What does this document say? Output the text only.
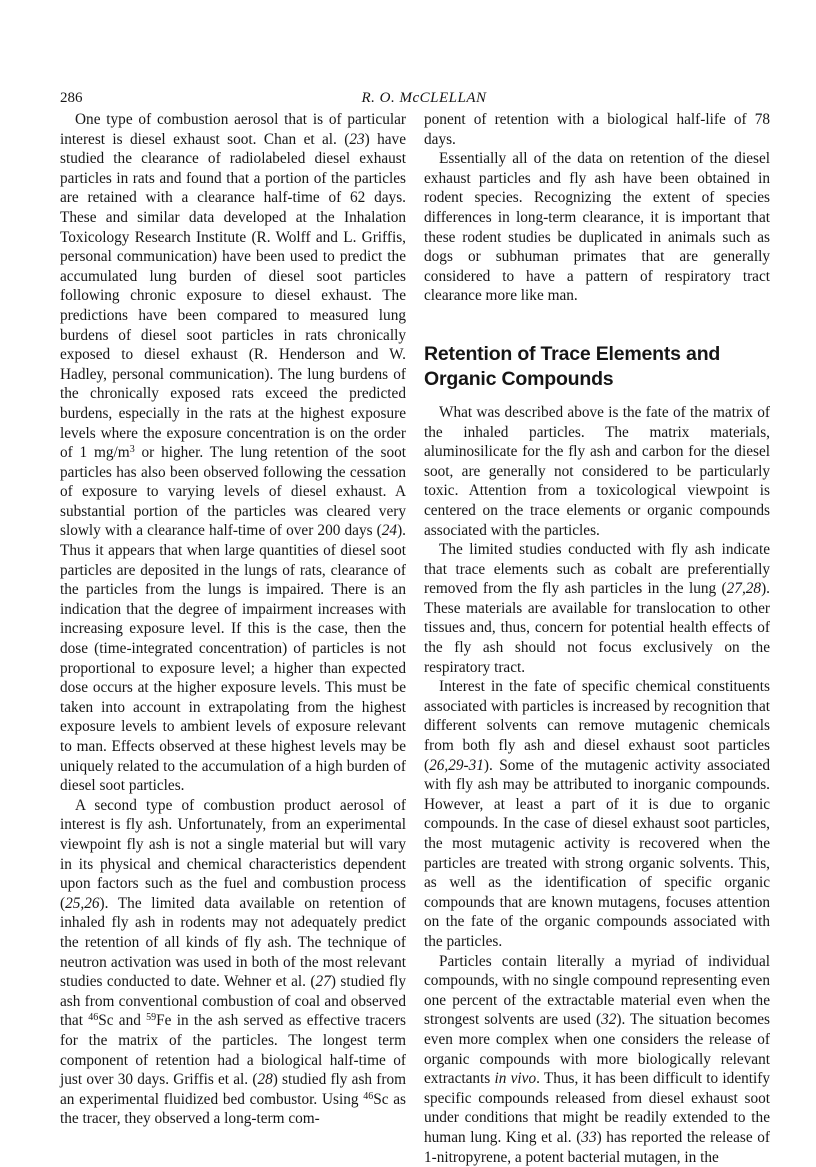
286	R. O. McCLELLAN

One type of combustion aerosol that is of particular interest is diesel exhaust soot. Chan et al. (23) have studied the clearance of radiolabeled diesel exhaust particles in rats and found that a portion of the particles are retained with a clearance half-time of 62 days. These and similar data developed at the Inhalation Toxicology Research Institute (R. Wolff and L. Griffis, personal communication) have been used to predict the accumulated lung burden of diesel soot particles following chronic exposure to diesel exhaust. The predictions have been compared to measured lung burdens of diesel soot particles in rats chronically exposed to diesel exhaust (R. Henderson and W. Hadley, personal communication). The lung burdens of the chronically exposed rats exceed the predicted burdens, especially in the rats at the highest exposure levels where the exposure concentration is on the order of 1 $mg/m^3$ or higher. The lung retention of the soot particles has also been observed following the cessation of exposure to varying levels of diesel exhaust. A substantial portion of the particles was cleared very slowly with a clearance half-time of over 200 days (24). Thus it appears that when large quantities of diesel soot particles are deposited in the lungs of rats, clearance of the particles from the lungs is impaired. There is an indication that the degree of impairment increases with increasing exposure level. If this is the case, then the dose (time-integrated concentration) of particles is not proportional to exposure level; a higher than expected dose occurs at the higher exposure levels. This must be taken into account in extrapolating from the highest exposure levels to ambient levels of exposure relevant to man. Effects observed at these highest levels may be uniquely related to the accumulation of a high burden of diesel soot particles.

A second type of combustion product aerosol of interest is fly ash. Unfortunately, from an experimental viewpoint fly ash is not a single material but will vary in its physical and chemical characteristics dependent upon factors such as the fuel and combustion process (25,26). The limited data available on retention of inhaled fly ash in rodents may not adequately predict the retention of all kinds of fly ash. The technique of neutron activation was used in both of the most relevant studies conducted to date. Wehner et al. (27) studied fly ash from conventional combustion of coal and observed that $^{46}$Sc and $^{59}$Fe in the ash served as effective tracers for the matrix of the particles. The longest term component of retention had a biological half-time of just over 30 days. Griffis et al. (28) studied fly ash from an experimental fluidized bed combustor. Using $^{46}$Sc as the tracer, they observed a long-term com-

ponent of retention with a biological half-life of 78 days.

Essentially all of the data on retention of the diesel exhaust particles and fly ash have been obtained in rodent species. Recognizing the extent of species differences in long-term clearance, it is important that these rodent studies be duplicated in animals such as dogs or subhuman primates that are generally considered to have a pattern of respiratory tract clearance more like man.

Retention of Trace Elements and Organic Compounds

What was described above is the fate of the matrix of the inhaled particles. The matrix materials, aluminosilicate for the fly ash and carbon for the diesel soot, are generally not considered to be particularly toxic. Attention from a toxicological viewpoint is centered on the trace elements or organic compounds associated with the particles.

The limited studies conducted with fly ash indicate that trace elements such as cobalt are preferentially removed from the fly ash particles in the lung (27,28). These materials are available for translocation to other tissues and, thus, concern for potential health effects of the fly ash should not focus exclusively on the respiratory tract.

Interest in the fate of specific chemical constituents associated with particles is increased by recognition that different solvents can remove mutagenic chemicals from both fly ash and diesel exhaust soot particles (26,29-31). Some of the mutagenic activity associated with fly ash may be attributed to inorganic compounds. However, at least a part of it is due to organic compounds. In the case of diesel exhaust soot particles, the most mutagenic activity is recovered when the particles are treated with strong organic solvents. This, as well as the identification of specific organic compounds that are known mutagens, focuses attention on the fate of the organic compounds associated with the particles.

Particles contain literally a myriad of individual compounds, with no single compound representing even one percent of the extractable material even when the strongest solvents are used (32). The situation becomes even more complex when one considers the release of organic compounds with more biologically relevant extractants in vivo. Thus, it has been difficult to identify specific compounds released from diesel exhaust soot under conditions that might be readily extended to the human lung. King et al. (33) has reported the release of 1-nitropyrene, a potent bacterial mutagen, in the
